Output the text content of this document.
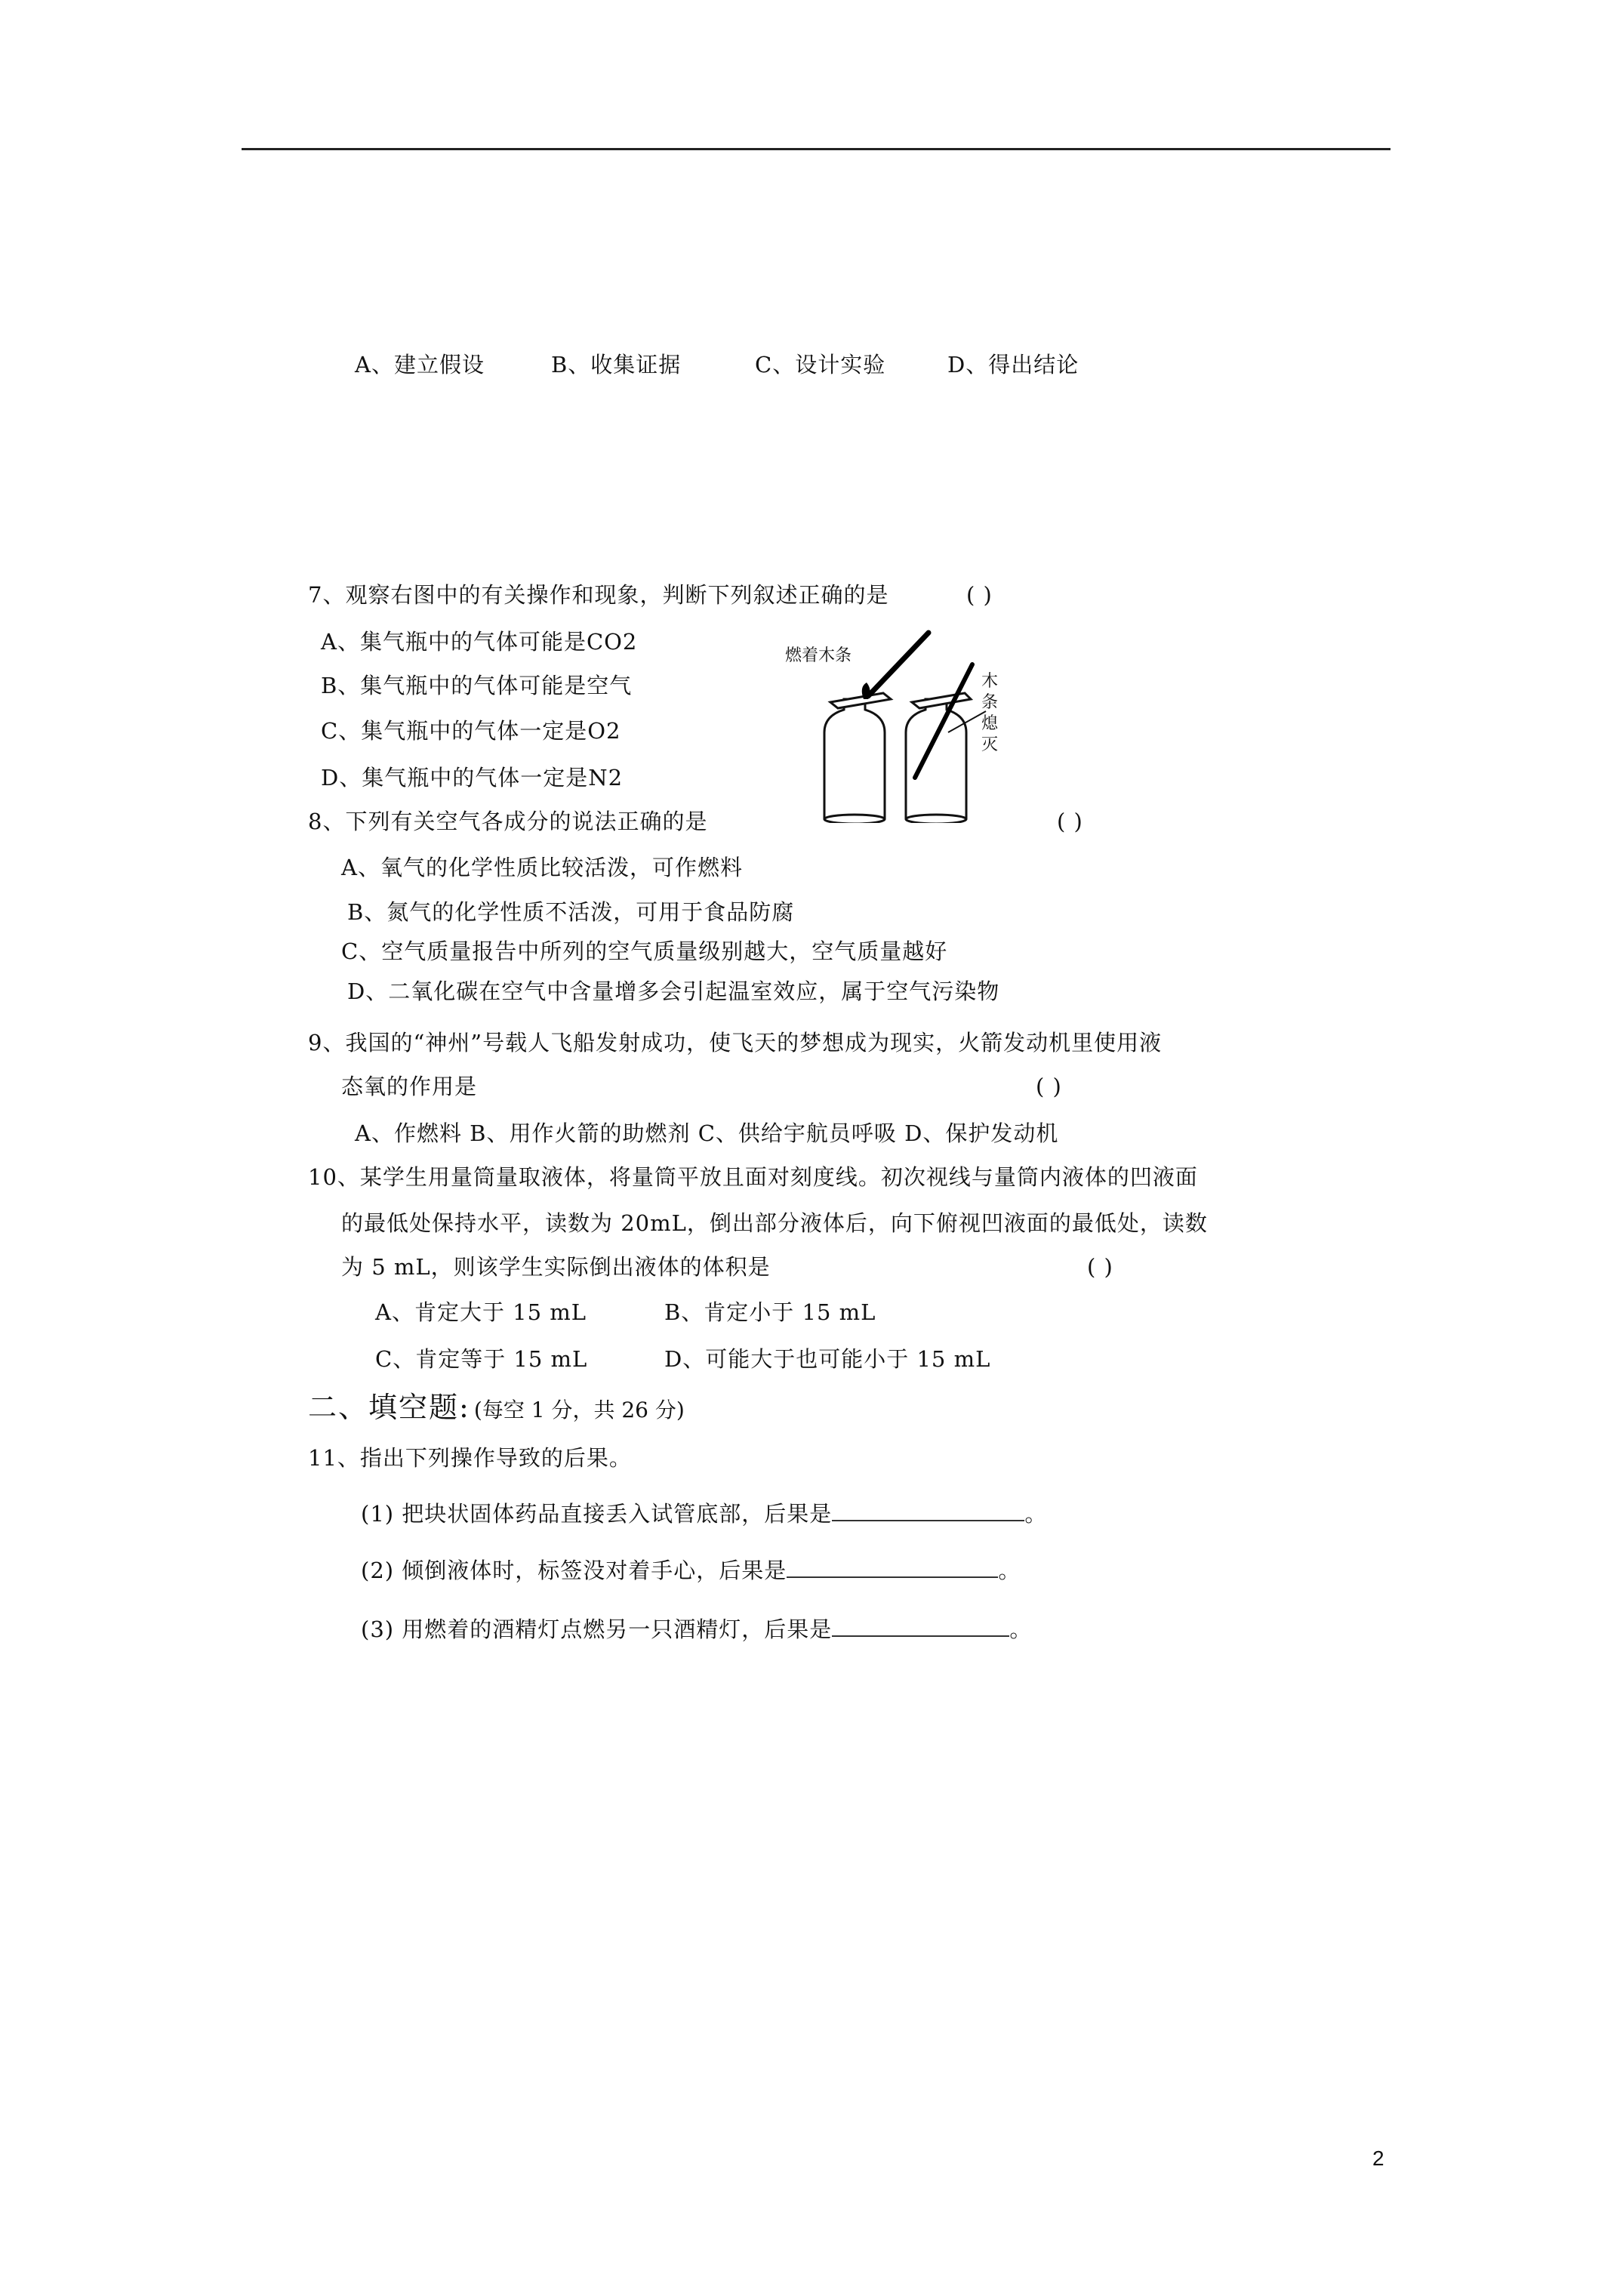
A、建立假设	B、收集证据	C、设计实验	D、得出结论
7、观察右图中的有关操作和现象，判断下列叙述正确的是	( )
A、集气瓶中的气体可能是CO2
B、集气瓶中的气体可能是空气
C、集气瓶中的气体一定是O2
D、集气瓶中的气体一定是N2
燃着木条
木
条
熄
灭
8、下列有关空气各成分的说法正确的是	( )
A、氧气的化学性质比较活泼，可作燃料
B、氮气的化学性质不活泼，可用于食品防腐
C、空气质量报告中所列的空气质量级别越大，空气质量越好
D、二氧化碳在空气中含量增多会引起温室效应，属于空气污染物
9、我国的“神州”号载人飞船发射成功，使飞天的梦想成为现实，火箭发动机里使用液
态氧的作用是	( )
A、作燃料 B、用作火箭的助燃剂 C、供给宇航员呼吸 D、保护发动机
10、某学生用量筒量取液体，将量筒平放且面对刻度线。初次视线与量筒内液体的凹液面
的最低处保持水平，读数为 20mL，倒出部分液体后，向下俯视凹液面的最低处，读数
为 5 mL，则该学生实际倒出液体的体积是	( )
A、肯定大于 15 mL	B、肯定小于 15 mL
C、肯定等于 15 mL	D、可能大于也可能小于 15 mL
二、填空题: (每空 1 分，共 26 分)
11、指出下列操作导致的后果。
(1) 把块状固体药品直接丢入试管底部，后果是	。
(2) 倾倒液体时，标签没对着手心，后果是	。
(3) 用燃着的酒精灯点燃另一只酒精灯，后果是	。
2
